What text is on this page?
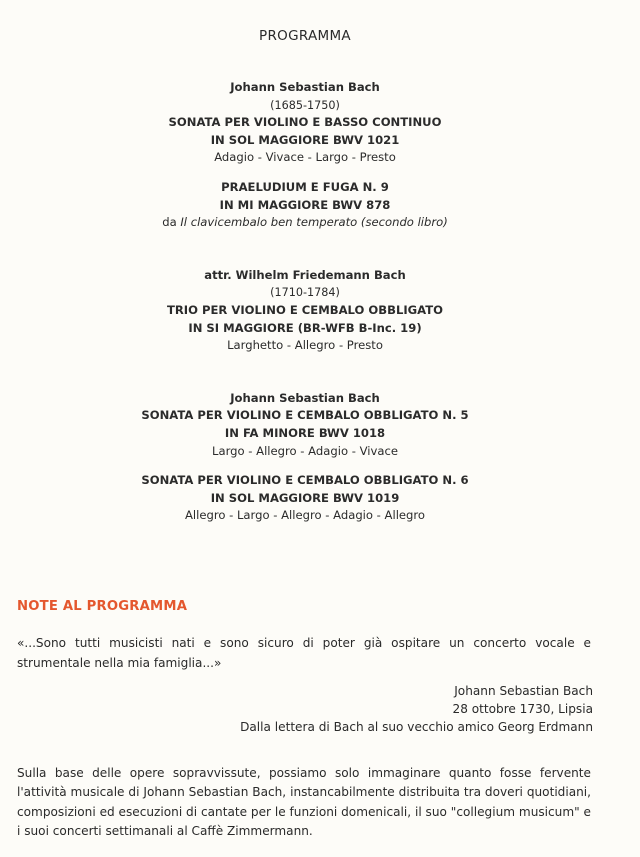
PROGRAMMA
Johann Sebastian Bach
(1685-1750)
SONATA PER VIOLINO E BASSO CONTINUO
IN SOL MAGGIORE BWV 1021
Adagio - Vivace - Largo - Presto
PRAELUDIUM E FUGA N. 9
IN MI MAGGIORE BWV 878
da Il clavicembalo ben temperato (secondo libro)
attr. Wilhelm Friedemann Bach
(1710-1784)
TRIO PER VIOLINO E CEMBALO OBBLIGATO
IN SI MAGGIORE (BR-WFB B-Inc. 19)
Larghetto - Allegro - Presto
Johann Sebastian Bach
SONATA PER VIOLINO E CEMBALO OBBLIGATO N. 5
IN FA MINORE BWV 1018
Largo - Allegro - Adagio - Vivace
SONATA PER VIOLINO E CEMBALO OBBLIGATO N. 6
IN SOL MAGGIORE BWV 1019
Allegro - Largo - Allegro - Adagio - Allegro
NOTE AL PROGRAMMA
«...Sono tutti musicisti nati e sono sicuro di poter già ospitare un concerto vocale e strumentale nella mia famiglia...»
Johann Sebastian Bach
28 ottobre 1730, Lipsia
Dalla lettera di Bach al suo vecchio amico Georg Erdmann
Sulla base delle opere sopravvissute, possiamo solo immaginare quanto fosse fervente l'attività musicale di Johann Sebastian Bach, instancabilmente distribuita tra doveri quotidiani, composizioni ed esecuzioni di cantate per le funzioni domenicali, il suo "collegium musicum" e i suoi concerti settimanali al Caffè Zimmermann.
